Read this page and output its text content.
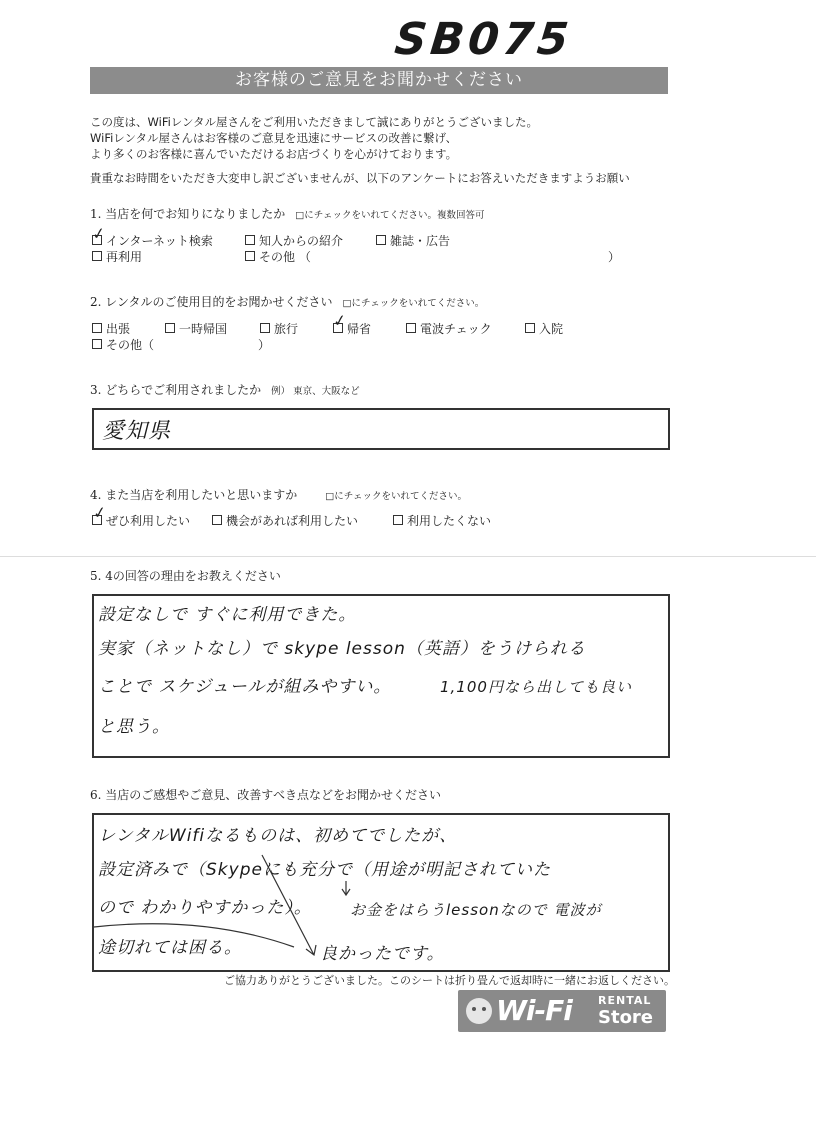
SB075
お客様のご意見をお聞かせください
この度は、WiFiレンタル屋さんをご利用いただきまして誠にありがとうございました。
WiFiレンタル屋さんはお客様のご意見を迅速にサービスの改善に繋げ、
より多くのお客様に喜んでいただけるお店づくりを心がけております。
貴重なお時間をいただき大変申し訳ございませんが、以下のアンケートにお答えいただきますようお願い
1. 当店を何でお知りになりましたか □にチェックをいれてください。複数回答可
インターネット検索
✓	知人からの紹介	雑誌・広告
再利用	その他 （	）
2. レンタルのご使用目的をお聞かせください □にチェックをいれてください。
出張	一時帰国	旅行	帰省
✓	電波チェック	入院
その他（	）
3. どちらでご利用されましたか 例） 東京、大阪など
愛知県
4. また当店を利用したいと思いますか	□にチェックをいれてください。
ぜひ利用したい
✓	機会があれば利用したい	利用したくない
5. 4の回答の理由をお教えください
設定なしで すぐに利用できた。
実家（ネットなし）で skype lesson（英語）をうけられる
ことで スケジュールが組みやすい。	1,100円なら出しても良い
と思う。
6. 当店のご感想やご意見、改善すべき点などをお聞かせください
レンタルWifiなるものは、初めてでしたが、
設定済みで（Skypeにも充分で（用途が明記されていた
ので わかりやすかった）。	お金をはらうlessonなので 電波が
途切れては困る。	良かったです。
ご協力ありがとうございました。このシートは折り畳んで返却時に一緒にお返しください。
Wi-Fi RENTAL
Store
